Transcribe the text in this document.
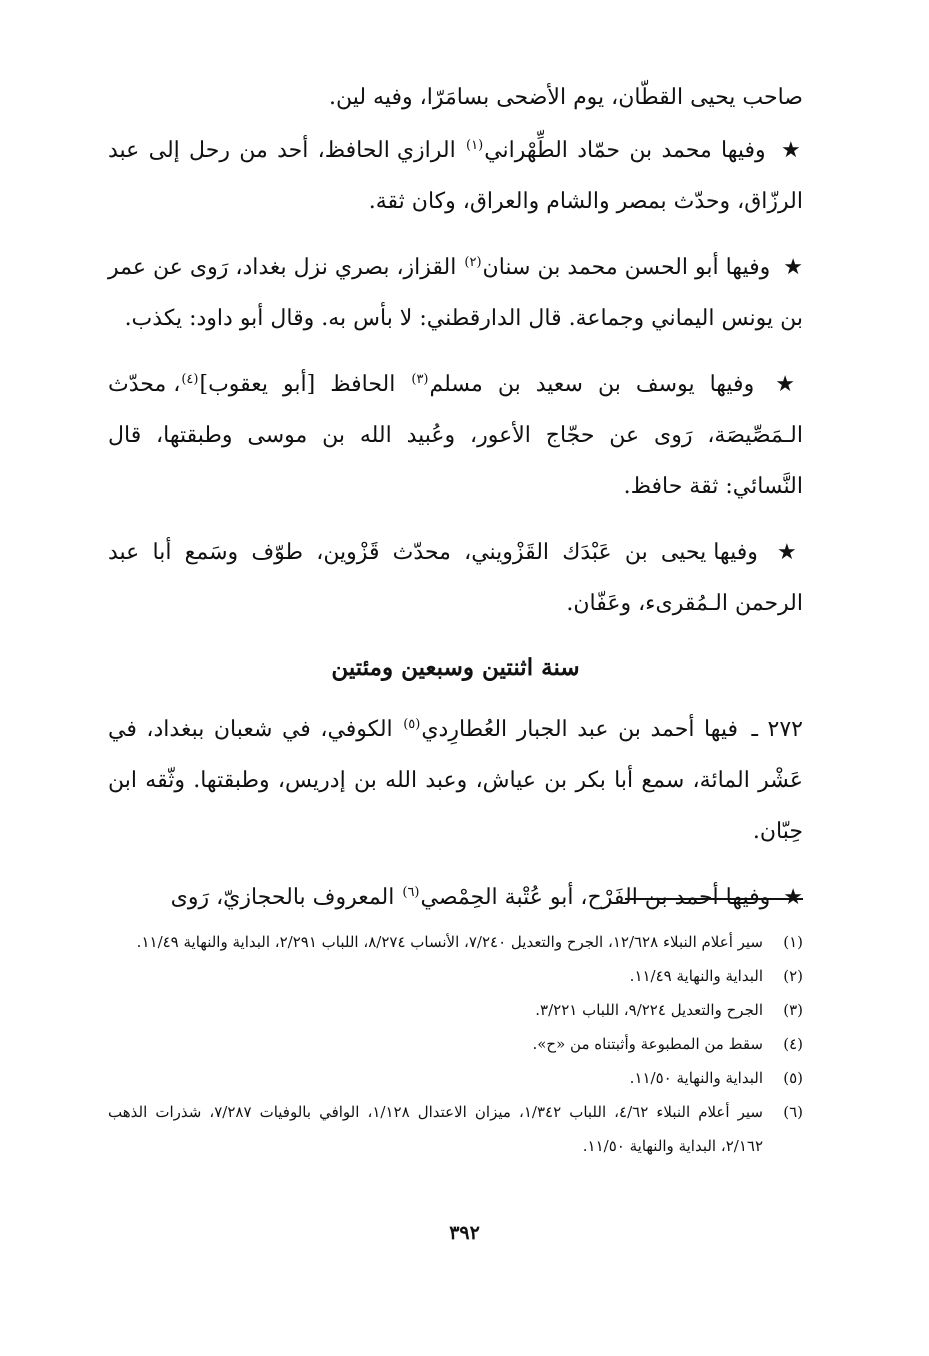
صاحب يحيى القطّان، يوم الأضحى بسامَرّا، وفيه لين.

★ وفيها محمد بن حمّاد الطِّهْراني$^{(١)}$ الرازي الحافظ، أحد من رحل إلى عبد الرزّاق، وحدّث بمصر والشام والعراق، وكان ثقة.

★ وفيها أبو الحسن محمد بن سنان$^{(٢)}$ القزاز، بصري نزل بغداد، رَوى عن عمر بن يونس اليماني وجماعة. قال الدارقطني: لا بأس به. وقال أبو داود: يكذب.

★ وفيها يوسف بن سعيد بن مسلم$^{(٣)}$ الحافظ [أبو يعقوب]$^{(٤)}$، محدّث الـمَصِّيصَة، رَوى عن حجّاج الأعور، وعُبيد الله بن موسى وطبقتها، قال النَّسائي: ثقة حافظ.

★ وفيها يحيى بن عَبْدَك القَزْويني، محدّث قَزْوين، طوّف وسَمع أبا عبد الرحمن الـمُقرىء، وعَفّان.

سنة اثنتين وسبعين ومئتين

٢٧٢ ـ فيها أحمد بن عبد الجبار العُطارِدي$^{(٥)}$ الكوفي، في شعبان ببغداد، في عَشْر المائة، سمع أبا بكر بن عياش، وعبد الله بن إدريس، وطبقتها. وثّقه ابن حِبّان.

★ وفيها أحمد بن الفَرْح، أبو عُتْبة الحِمْصي$^{(٦)}$ المعروف بالحجازيّ، رَوى

(١)سير أعلام النبلاء ١٢/٦٢٨، الجرح والتعديل ٧/٢٤٠، الأنساب ٨/٢٧٤، اللباب ٢/٢٩١، البداية والنهاية ١١/٤٩.

(٢)البداية والنهاية ١١/٤٩.

(٣)الجرح والتعديل ٩/٢٢٤، اللباب ٣/٢٢١.

(٤)سقط من المطبوعة وأثبتناه من «ح».

(٥)البداية والنهاية ١١/٥٠.

(٦)سير أعلام النبلاء ٤/٦٢، اللباب ١/٣٤٢، ميزان الاعتدال ١/١٢٨، الوافي بالوفيات ٧/٢٨٧، شذرات الذهب ٢/١٦٢، البداية والنهاية ١١/٥٠.

٣٩٢
